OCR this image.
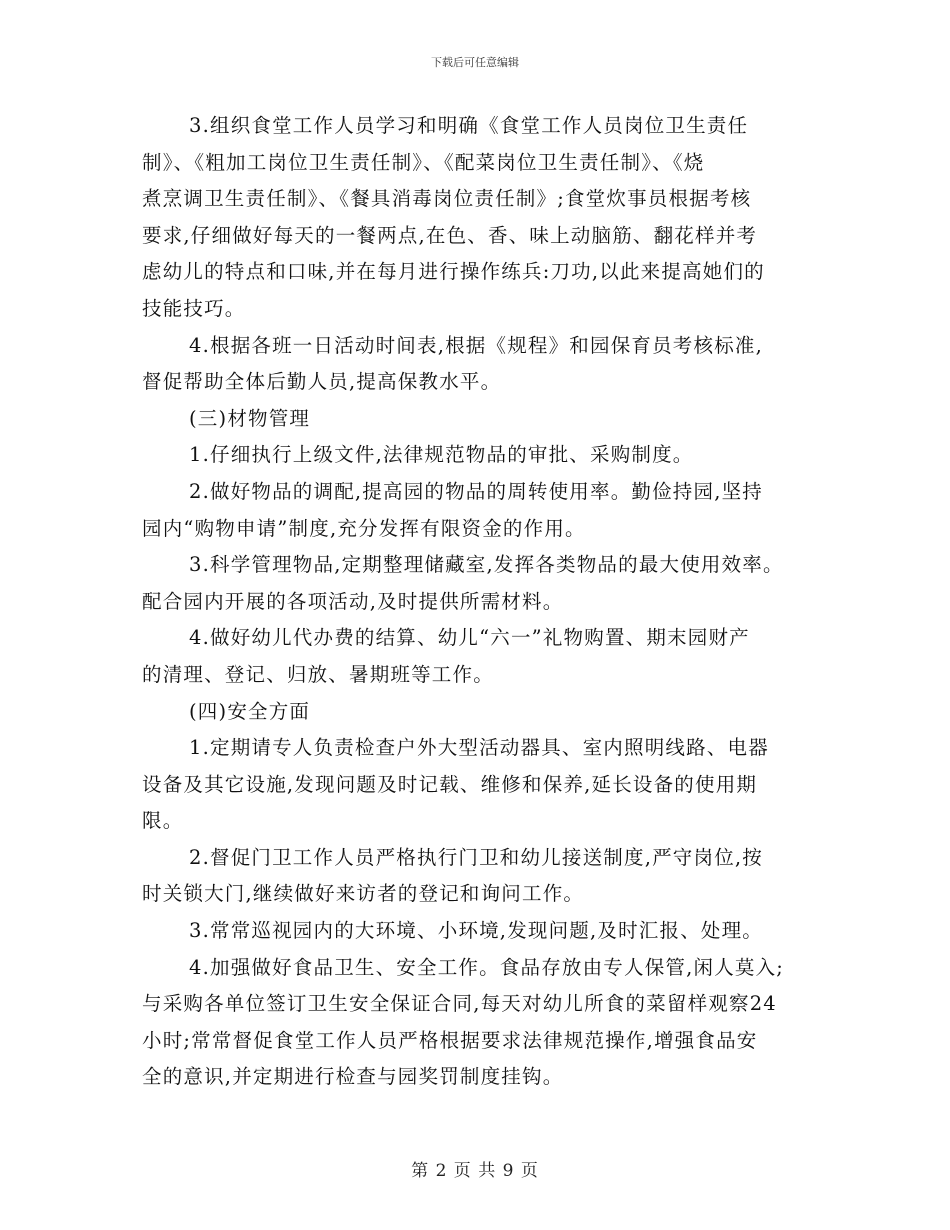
下载后可任意编辑
3.组织食堂工作人员学习和明确《食堂工作人员岗位卫生责任
制》、《粗加工岗位卫生责任制》、《配菜岗位卫生责任制》、《烧
煮烹调卫生责任制》、《餐具消毒岗位责任制》;食堂炊事员根据考核
要求,仔细做好每天的一餐两点,在色、香、味上动脑筋、翻花样并考
虑幼儿的特点和口味,并在每月进行操作练兵:刀功,以此来提高她们的
技能技巧。
4.根据各班一日活动时间表,根据《规程》和园保育员考核标准,
督促帮助全体后勤人员,提高保教水平。
(三)材物管理
1.仔细执行上级文件,法律规范物品的审批、采购制度。
2.做好物品的调配,提高园的物品的周转使用率。勤俭持园,坚持
园内“购物申请”制度,充分发挥有限资金的作用。
3.科学管理物品,定期整理储藏室,发挥各类物品的最大使用效率。
配合园内开展的各项活动,及时提供所需材料。
4.做好幼儿代办费的结算、幼儿“六一”礼物购置、期末园财产
的清理、登记、归放、暑期班等工作。
(四)安全方面
1.定期请专人负责检查户外大型活动器具、室内照明线路、电器
设备及其它设施,发现问题及时记载、维修和保养,延长设备的使用期
限。
2.督促门卫工作人员严格执行门卫和幼儿接送制度,严守岗位,按
时关锁大门,继续做好来访者的登记和询问工作。
3.常常巡视园内的大环境、小环境,发现问题,及时汇报、处理。
4.加强做好食品卫生、安全工作。食品存放由专人保管,闲人莫入;
与采购各单位签订卫生安全保证合同,每天对幼儿所食的菜留样观察24
小时;常常督促食堂工作人员严格根据要求法律规范操作,增强食品安
全的意识,并定期进行检查与园奖罚制度挂钩。
第 2 页 共 9 页
